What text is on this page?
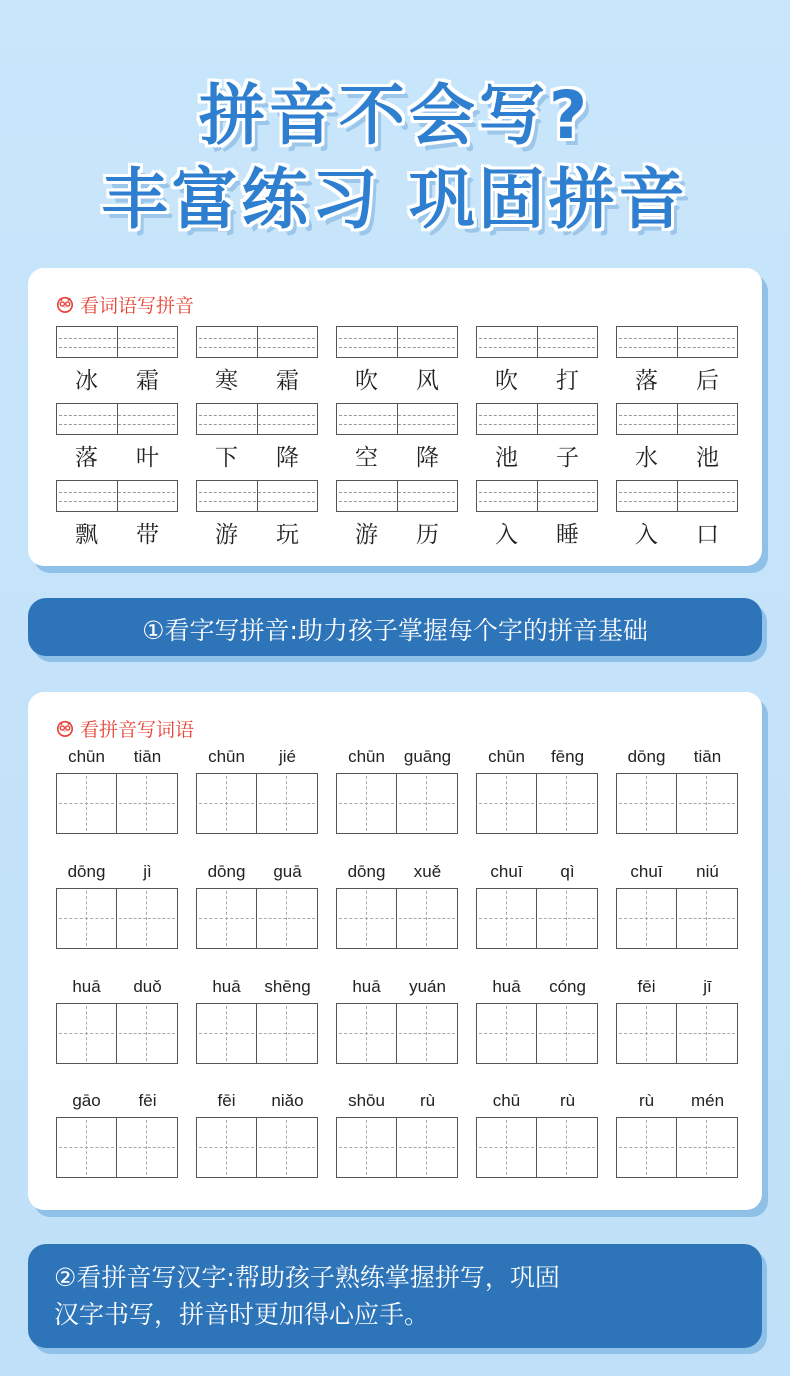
拼音不会写?
丰富练习 巩固拼音
看词语写拼音
冰	霜	寒	霜	吹	风	吹	打	落	后
落	叶	下	降	空	降	池	子	水	池
飘	带	游	玩	游	历	入	睡	入	口
①看字写拼音:助力孩子掌握每个字的拼音基础
看拼音写词语
chūn	tiān	chūn	jié	chūn	guāng	chūn	fēng	dōng	tiān
dōng	jì	dōng	guā	dōng	xuě	chuī	qì	chuī	niú
huā	duǒ	huā	shēng	huā	yuán	huā	cóng	fēi	jī
gāo	fēi	fēi	niǎo	shōu	rù	chū	rù	rù	mén
②看拼音写汉字:帮助孩子熟练掌握拼写，巩固
汉字书写，拼音时更加得心应手。
